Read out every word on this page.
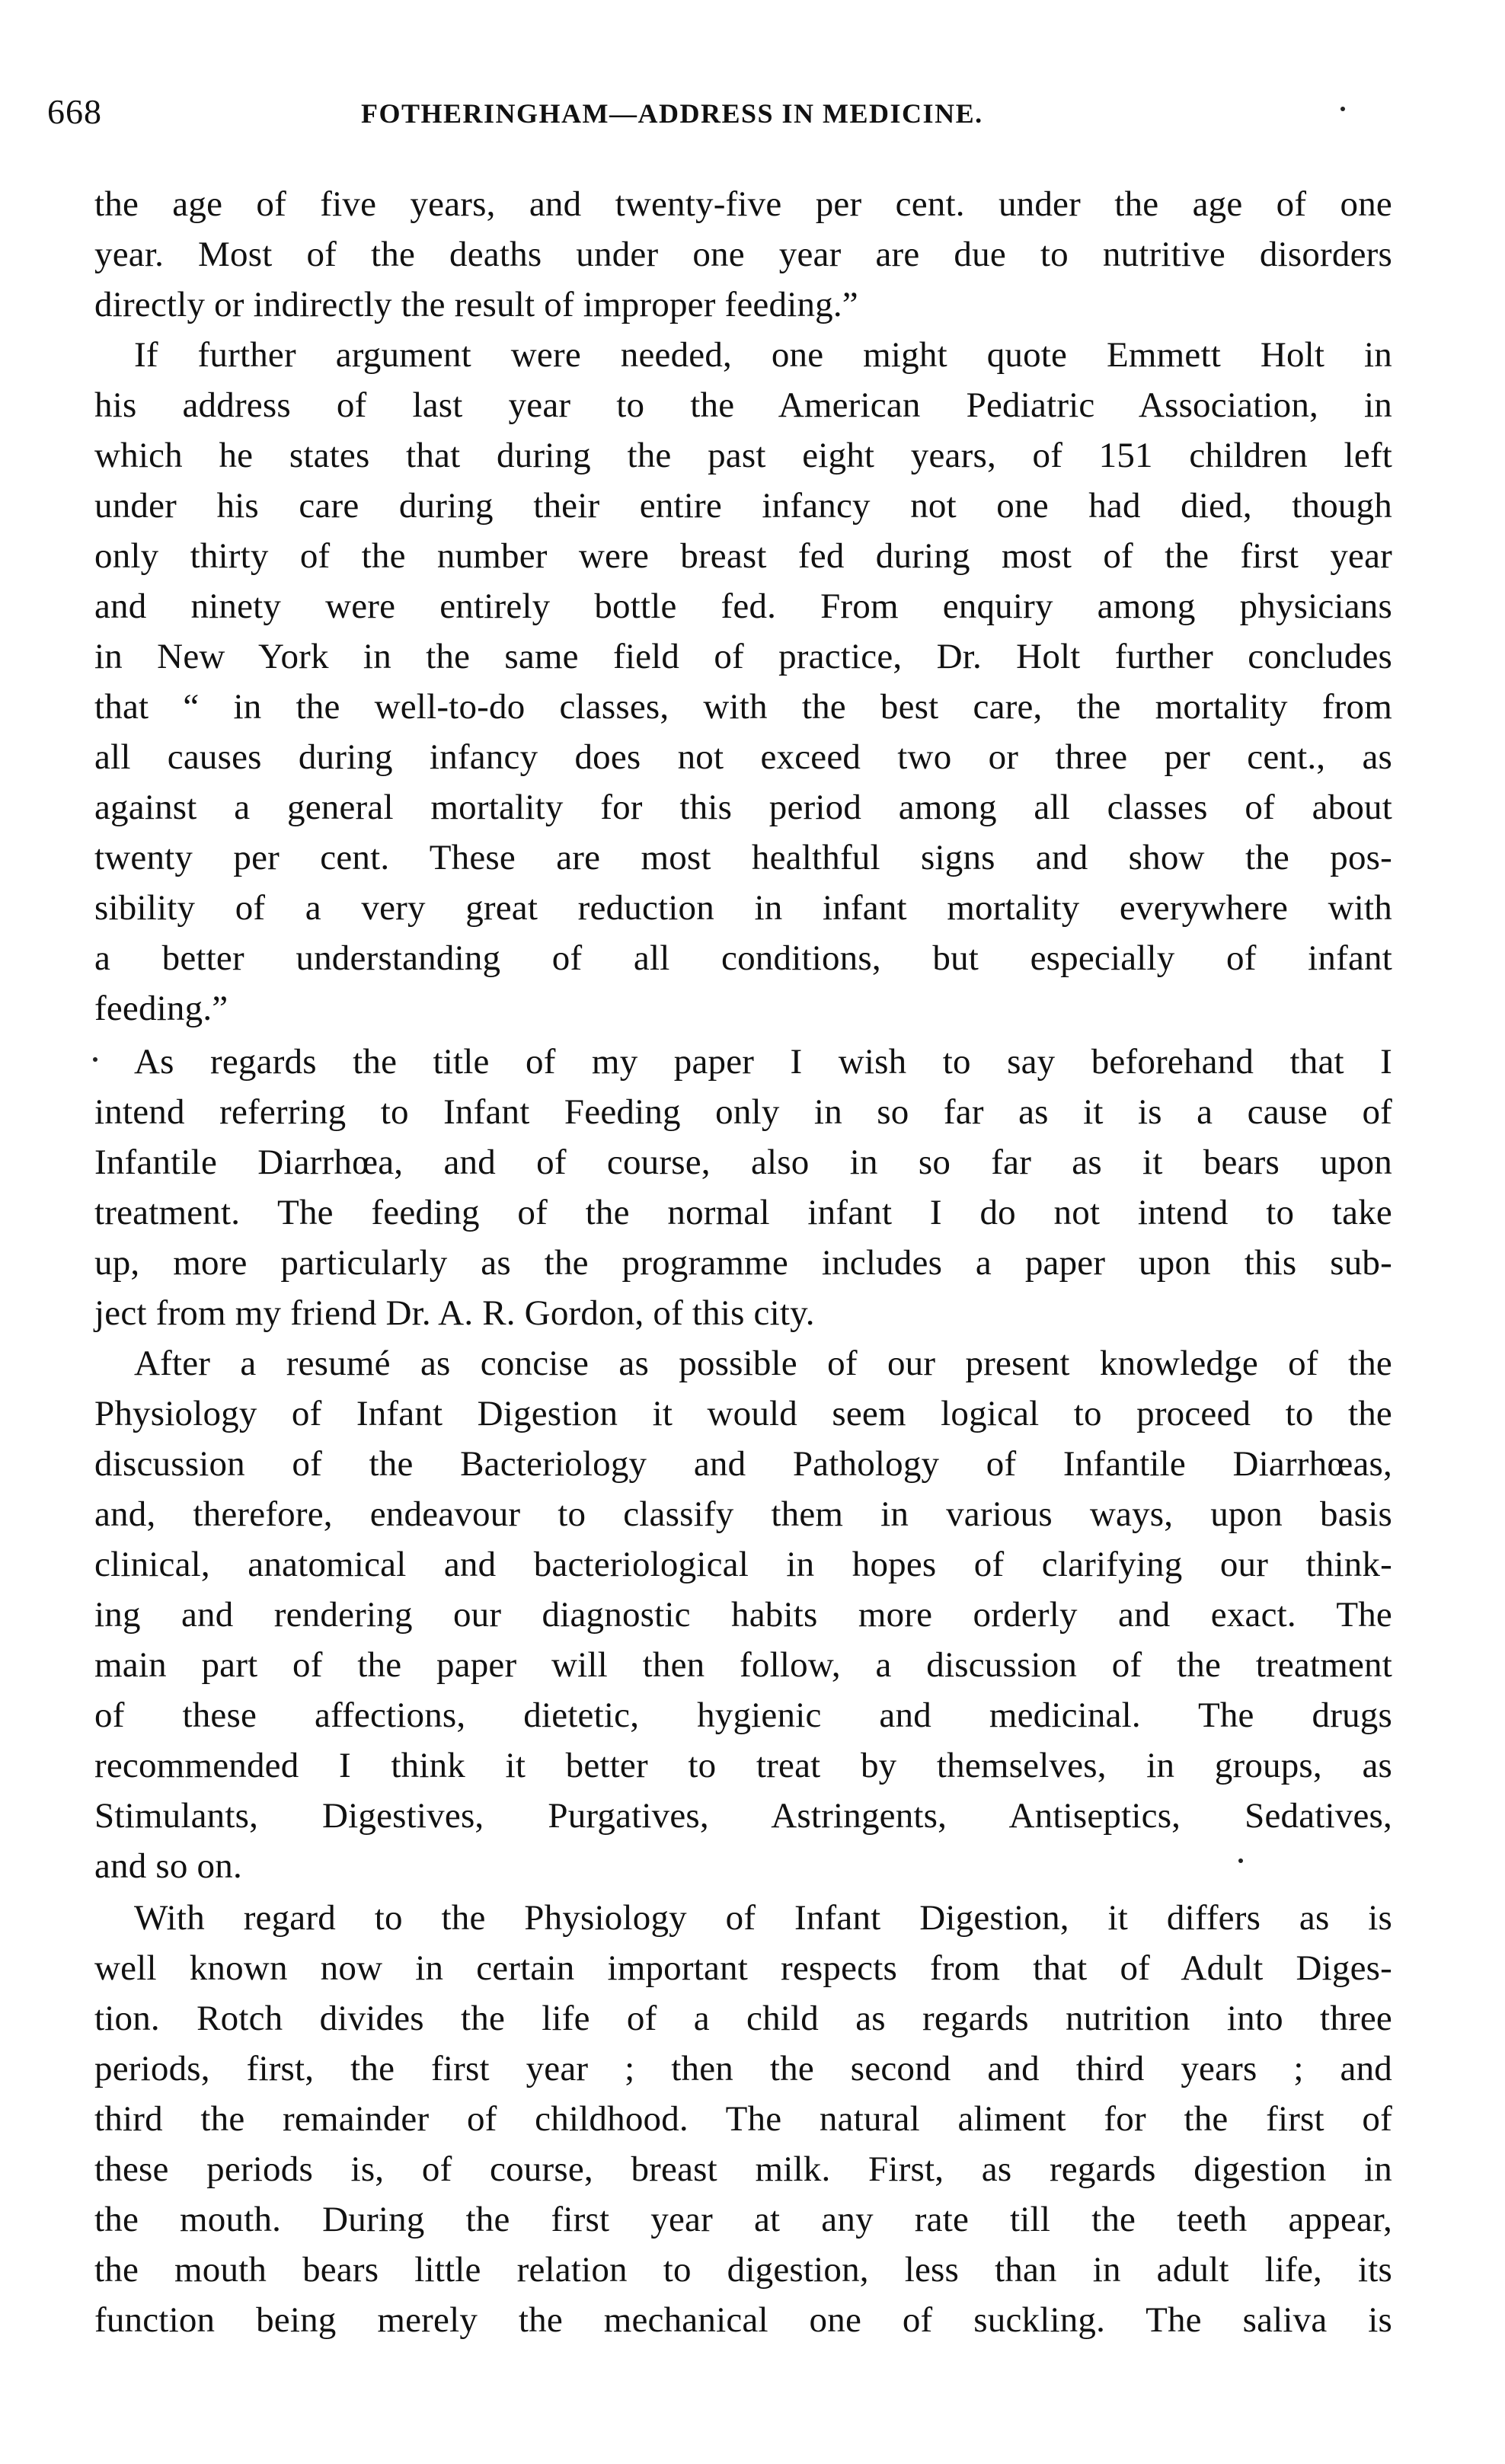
668	FOTHERINGHAM—ADDRESS IN MEDICINE.
the age of five years, and twenty-five per cent. under the age of one
year. Most of the deaths under one year are due to nutritive disorders
directly or indirectly the result of improper feeding.”
If further argument were needed, one might quote Emmett Holt in
his address of last year to the American Pediatric Association, in
which he states that during the past eight years, of 151 children left
under his care during their entire infancy not one had died, though
only thirty of the number were breast fed during most of the first year
and ninety were entirely bottle fed. From enquiry among physicians
in New York in the same field of practice, Dr. Holt further concludes
that “ in the well-to-do classes, with the best care, the mortality from
all causes during infancy does not exceed two or three per cent., as
against a general mortality for this period among all classes of about
twenty per cent. These are most healthful signs and show the pos-
sibility of a very great reduction in infant mortality everywhere with
a better understanding of all conditions, but especially of infant
feeding.”
As regards the title of my paper I wish to say beforehand that I
intend referring to Infant Feeding only in so far as it is a cause of
Infantile Diarrhœa, and of course, also in so far as it bears upon
treatment. The feeding of the normal infant I do not intend to take
up, more particularly as the programme includes a paper upon this sub-
ject from my friend Dr. A. R. Gordon, of this city.
After a resumé as concise as possible of our present knowledge of the
Physiology of Infant Digestion it would seem logical to proceed to the
discussion of the Bacteriology and Pathology of Infantile Diarrhœas,
and, therefore, endeavour to classify them in various ways, upon basis
clinical, anatomical and bacteriological in hopes of clarifying our think-
ing and rendering our diagnostic habits more orderly and exact. The
main part of the paper will then follow, a discussion of the treatment
of these affections, dietetic, hygienic and medicinal. The drugs
recommended I think it better to treat by themselves, in groups, as
Stimulants, Digestives, Purgatives, Astringents, Antiseptics, Sedatives,
and so on.
With regard to the Physiology of Infant Digestion, it differs as is
well known now in certain important respects from that of Adult Diges-
tion. Rotch divides the life of a child as regards nutrition into three
periods, first, the first year ; then the second and third years ; and
third the remainder of childhood. The natural aliment for the first of
these periods is, of course, breast milk. First, as regards digestion in
the mouth. During the first year at any rate till the teeth appear,
the mouth bears little relation to digestion, less than in adult life, its
function being merely the mechanical one of suckling. The saliva is
